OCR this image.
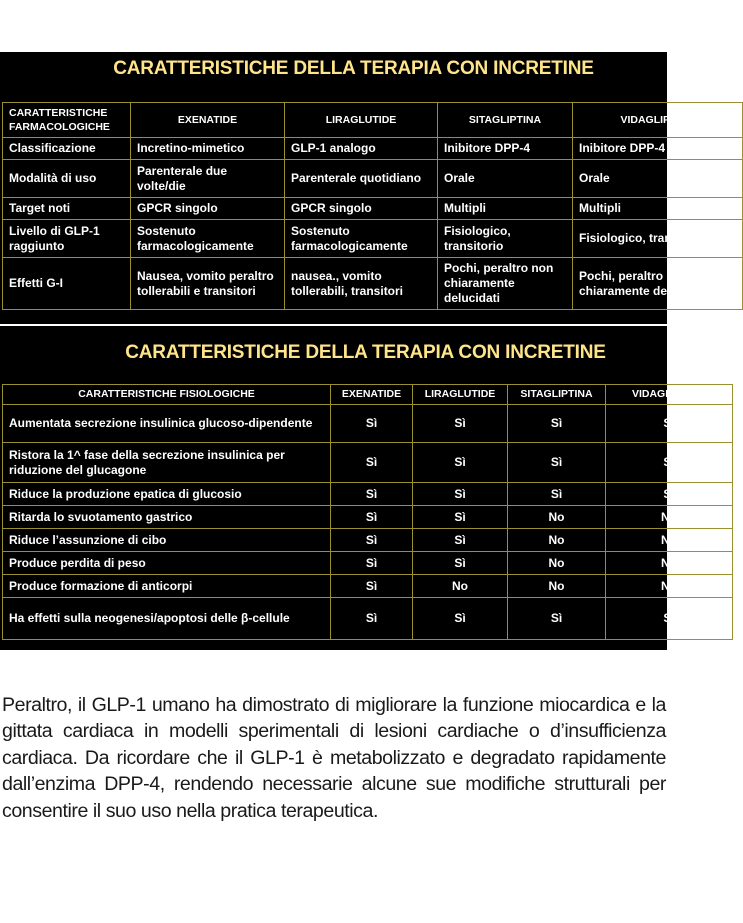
CARATTERISTICHE DELLA TERAPIA CON INCRETINE
CARATTERISTICHE FARMACOLOGICHE	EXENATIDE	LIRAGLUTIDE	SITAGLIPTINA	VIDAGLIPTINA
Classificazione	Incretino-mimetico	GLP-1 analogo	Inibitore DPP-4	Inibitore DPP-4
Modalità di uso	Parenterale due volte/die	Parenterale quotidiano	Orale	Orale
Target noti	GPCR singolo	GPCR singolo	Multipli	Multipli
Livello di GLP-1 raggiunto	Sostenuto farmacologicamente	Sostenuto farmacologicamente	Fisiologico, transitorio	Fisiologico, transitorio
Effetti G-I	Nausea, vomito peraltro tollerabili e transitori	nausea., vomito tollerabili, transitori	Pochi, peraltro non chiaramente delucidati	Pochi, peraltro non chiaramente delucidati
CARATTERISTICHE DELLA TERAPIA CON INCRETINE
CARATTERISTICHE FISIOLOGICHE	EXENATIDE	LIRAGLUTIDE	SITAGLIPTINA	VIDAGLIPTINA
Aumentata secrezione insulinica glucoso-dipendente	Sì	Sì	Sì	Sì
Ristora la 1^ fase della secrezione insulinica per riduzione del glucagone	Sì	Sì	Sì	Sì
Riduce la produzione epatica di glucosio	Sì	Sì	Sì	Sì
Ritarda lo svuotamento gastrico	Sì	Sì	No	No
Riduce l’assunzione di cibo	Sì	Sì	No	No
Produce perdita di peso	Sì	Sì	No	No
Produce formazione di anticorpi	Sì	No	No	No
Ha effetti sulla neogenesi/apoptosi delle β-cellule	Sì	Sì	Sì	Sì

Peraltro, il GLP-1 umano ha dimostrato di migliorare la funzione miocardica e la gittata cardiaca in modelli sperimentali di lesioni cardiache o d’insufficienza cardiaca. Da ricordare che il GLP-1 è metabolizzato e degradato rapidamente dall’enzima DPP-4, rendendo necessarie alcune sue modifiche strutturali per consentire il suo uso nella pratica terapeutica.
